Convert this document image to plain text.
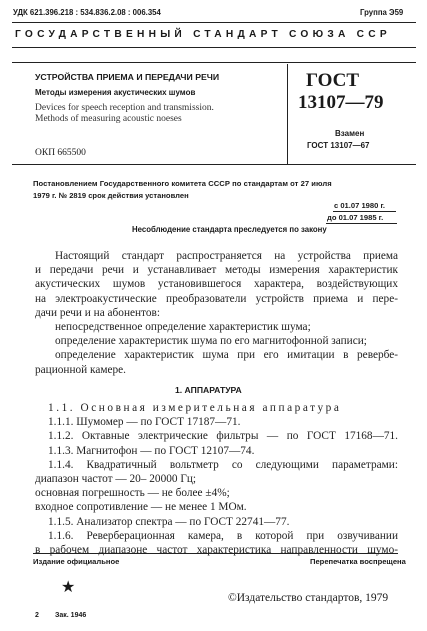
УДК 621.396.218 : 534.836.2.08 : 006.354	Группа Э59
ГОСУДАРСТВЕННЫЙ СТАНДАРТ СОЮЗА ССР
УСТРОЙСТВА ПРИЕМА И ПЕРЕДАЧИ РЕЧИ
Методы измерения акустических шумов
Devices for speech reception and transmission.
Methods of measuring acoustic noeses
ГОСТ
13107—79
Взамен
ГОСТ 13107—67
ОКП 665500
Постановлением Государственного комитета СССР по стандартам от 27 июля
1979 г. № 2819 срок действия установлен
с 01.07 1980 г.
до 01.07 1985 г.
Несоблюдение стандарта преследуется по закону
Настоящий стандарт распространяется на устройства приема
и передачи речи и устанавливает методы измерения характеристик
акустических шумов установившегося характера, воздействующих
на электроакустические преобразователи устройств приема и пере-
дачи речи и на абонентов:
непосредственное определение характеристик шума;
определение характеристик шума по его магнитофонной записи;
определение характеристик шума при его имитации в ревербе-
рационной камере.
1. АППАРАТУРА
1.1. Основная измерительная аппаратура
1.1.1. Шумомер — по ГОСТ 17187—71.
1.1.2. Октавные электрические фильтры — по ГОСТ 17168—71.
1.1.3. Магнитофон — по ГОСТ 12107—74.
1.1.4. Квадратичный вольтметр со следующими параметрами:
диапазон частот — 20– 20000 Гц;
основная погрешность — не более ±4%;
входное сопротивление — не менее 1 МОм.
1.1.5. Анализатор спектра — по ГОСТ 22741—77.
1.1.6. Реверберационная камера, в которой при озвучивании
в рабочем диапазоне частот характеристика направленности шумо-
Издание официальное	Перепечатка воспрещена
★
©Издательство стандартов, 1979
2 Зак. 1946
